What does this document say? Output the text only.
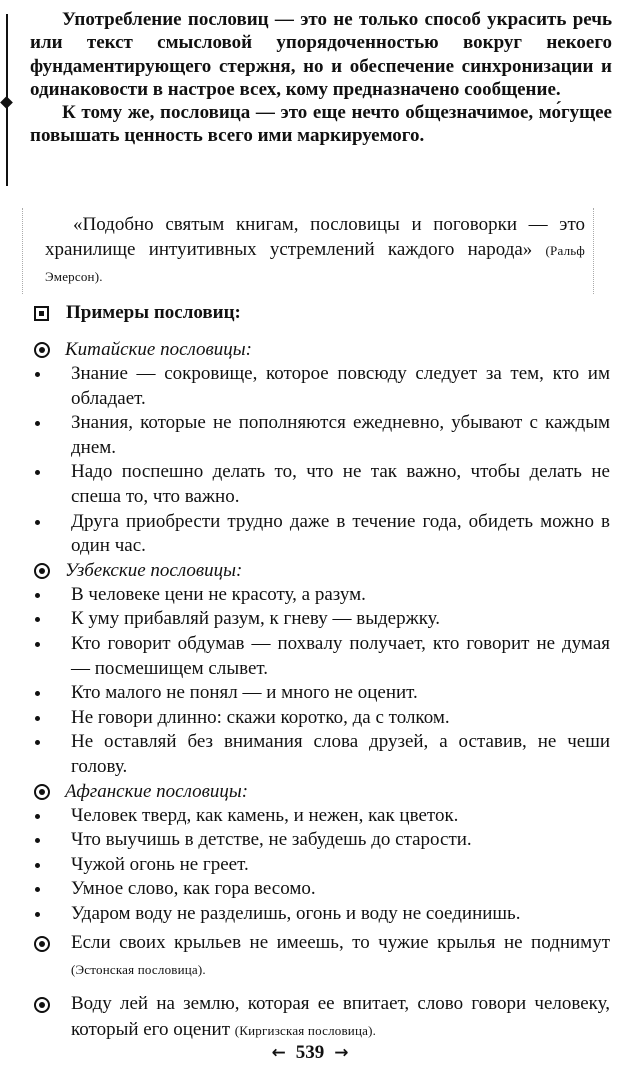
Употребление пословиц — это не только способ украсить речь или текст смысловой упорядоченностью вокруг некоего фундаментирующего стержня, но и обеспечение синхронизации и одинаковости в настрое всех, кому предназначено сообщение.

К тому же, пословица — это еще нечто общезначимое, мо́гущее повышать ценность всего ими маркируемого.

«Подобно святым книгам, пословицы и поговорки — это хранилище интуитивных устремлений каждого народа» (Ральф Эмерсон).
Примеры пословиц:
Китайские пословицы:
Знание — сокровище, которое повсюду следует за тем, кто им обладает.
Знания, которые не пополняются ежедневно, убывают с каждым днем.
Надо поспешно делать то, что не так важно, чтобы делать не спеша то, что важно.
Друга приобрести трудно даже в течение года, обидеть можно в один час.
Узбекские пословицы:
В человеке цени не красоту, а разум.
К уму прибавляй разум, к гневу — выдержку.
Кто говорит обдумав — похвалу получает, кто говорит не думая — посмешищем слывет.
Кто малого не понял — и много не оценит.
Не говори длинно: скажи коротко, да с толком.
Не оставляй без внимания слова друзей, а оставив, не чеши голову.
Афганские пословицы:
Человек тверд, как камень, и нежен, как цветок.
Что выучишь в детстве, не забудешь до старости.
Чужой огонь не греет.
Умное слово, как гора весомо.
Ударом воду не разделишь, огонь и воду не соединишь.
Если своих крыльев не имеешь, то чужие крылья не поднимут (Эстонская пословица).
Воду лей на землю, которая ее впитает, слово говори человеку, который его оценит (Киргизская пословица).
← 539 →
